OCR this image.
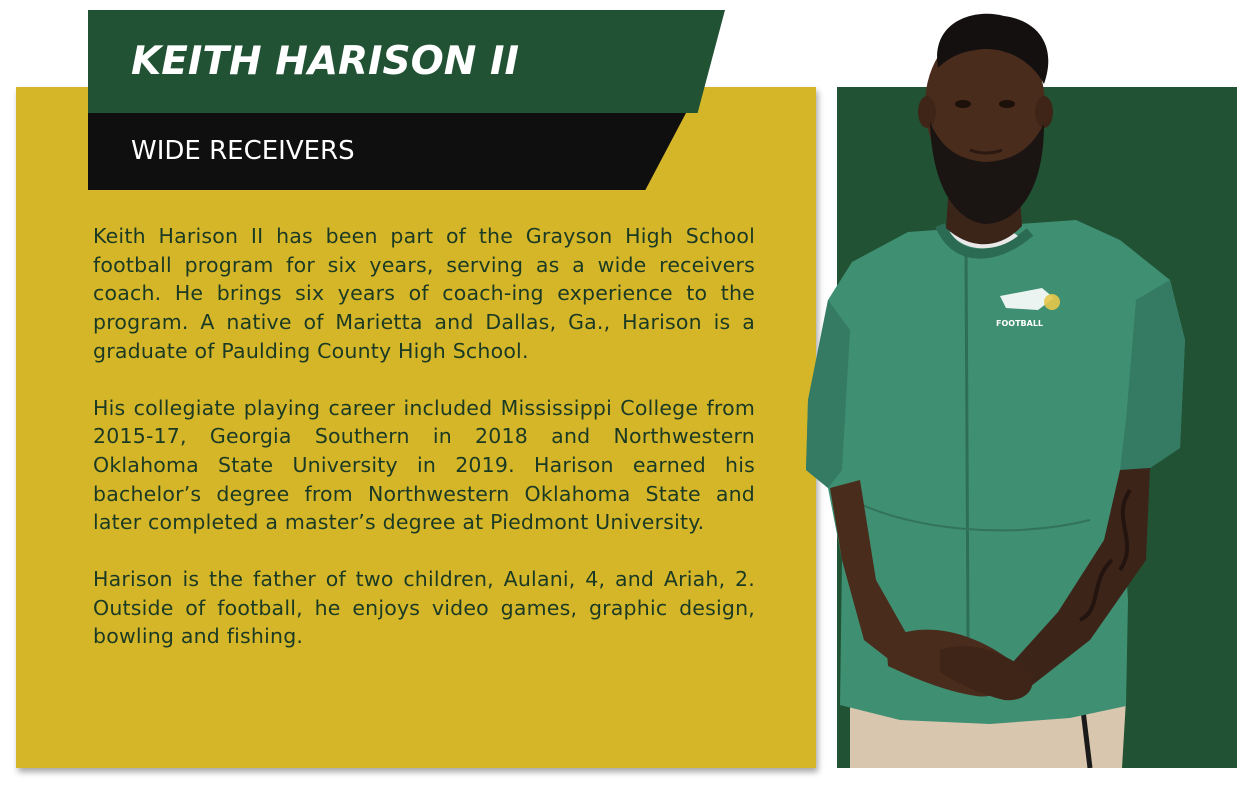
KEITH HARISON II
WIDE RECEIVERS

Keith Harison II has been part of the Grayson High School football program for six years, serving as a wide receivers coach. He brings six years of coach-ing experience to the program. A native of Marietta and Dallas, Ga., Harison is a graduate of Paulding County High School.

His collegiate playing career included Mississippi College from 2015-17, Georgia Southern in 2018 and Northwestern Oklahoma State University in 2019. Harison earned his bachelor’s degree from Northwestern Oklahoma State and later completed a master’s degree at Piedmont University.

Harison is the father of two children, Aulani, 4, and Ariah, 2. Outside of football, he enjoys video games, graphic design, bowling and fishing.

FOOTBALL
